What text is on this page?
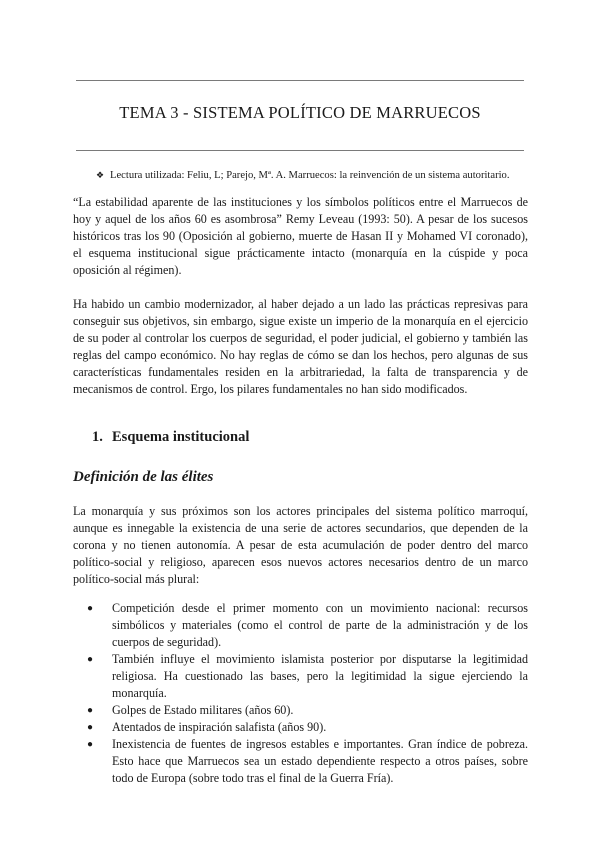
TEMA 3 - SISTEMA POLÍTICO DE MARRUECOS
❖ Lectura utilizada: Feliu, L; Parejo, Mª. A. Marruecos: la reinvención de un sistema autoritario.

“La estabilidad aparente de las instituciones y los símbolos políticos entre el Marruecos de hoy y aquel de los años 60 es asombrosa” Remy Leveau (1993: 50). A pesar de los sucesos históricos tras los 90 (Oposición al gobierno, muerte de Hasan II y Mohamed VI coronado), el esquema institucional sigue prácticamente intacto (monarquía en la cúspide y poca oposición al régimen).

Ha habido un cambio modernizador, al haber dejado a un lado las prácticas represivas para conseguir sus objetivos, sin embargo, sigue existe un imperio de la monarquía en el ejercicio de su poder al controlar los cuerpos de seguridad, el poder judicial, el gobierno y también las reglas del campo económico. No hay reglas de cómo se dan los hechos, pero algunas de sus características fundamentales residen en la arbitrariedad, la falta de transparencia y de mecanismos de control. Ergo, los pilares fundamentales no han sido modificados.

1. Esquema institucional
Definición de las élites

La monarquía y sus próximos son los actores principales del sistema político marroquí, aunque es innegable la existencia de una serie de actores secundarios, que dependen de la corona y no tienen autonomía. A pesar de esta acumulación de poder dentro del marco político-social y religioso, aparecen esos nuevos actores necesarios dentro de un marco político-social más plural:

● Competición desde el primer momento con un movimiento nacional: recursos simbólicos y materiales (como el control de parte de la administración y de los cuerpos de seguridad).
● También influye el movimiento islamista posterior por disputarse la legitimidad religiosa. Ha cuestionado las bases, pero la legitimidad la sigue ejerciendo la monarquía.
● Golpes de Estado militares (años 60).
● Atentados de inspiración salafista (años 90).
● Inexistencia de fuentes de ingresos estables e importantes. Gran índice de pobreza. Esto hace que Marruecos sea un estado dependiente respecto a otros países, sobre todo de Europa (sobre todo tras el final de la Guerra Fría).
